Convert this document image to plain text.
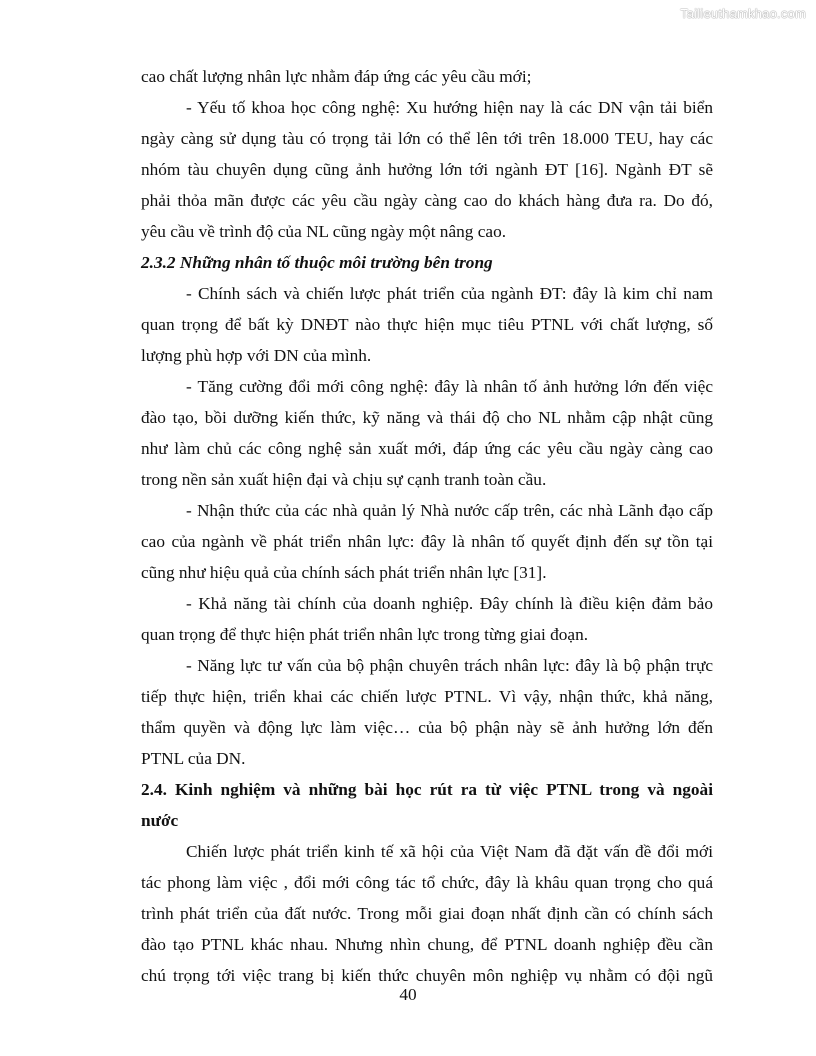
Tailieuthamkhao.com
cao chất lượng nhân lực nhằm đáp ứng các yêu cầu mới;
- Yếu tố khoa học công nghệ: Xu hướng hiện nay là các DN vận tải biển
ngày càng sử dụng tàu có trọng tải lớn có thể lên tới trên 18.000 TEU, hay các
nhóm tàu chuyên dụng cũng ảnh hưởng lớn tới ngành ĐT [16]. Ngành ĐT sẽ
phải thỏa mãn được các yêu cầu ngày càng cao do khách hàng đưa ra. Do đó,
yêu cầu về trình độ của NL cũng ngày một nâng cao.
2.3.2 Những nhân tố thuộc môi trường bên trong
- Chính sách và chiến lược phát triển của ngành ĐT: đây là kim chỉ nam
quan trọng để bất kỳ DNĐT nào thực hiện mục tiêu PTNL với chất lượng, số
lượng phù hợp với DN của mình.
- Tăng cường đổi mới công nghệ: đây là nhân tố ảnh hưởng lớn đến việc
đào tạo, bồi dưỡng kiến thức, kỹ năng và thái độ cho NL nhằm cập nhật cũng
như làm chủ các công nghệ sản xuất mới, đáp ứng các yêu cầu ngày càng cao
trong nền sản xuất hiện đại và chịu sự cạnh tranh toàn cầu.
- Nhận thức của các nhà quản lý Nhà nước cấp trên, các nhà Lãnh đạo cấp
cao của ngành về phát triển nhân lực: đây là nhân tố quyết định đến sự tồn tại
cũng như hiệu quả của chính sách phát triển nhân lực [31].
- Khả năng tài chính của doanh nghiệp. Đây chính là điều kiện đảm bảo
quan trọng để thực hiện phát triển nhân lực trong từng giai đoạn.
- Năng lực tư vấn của bộ phận chuyên trách nhân lực: đây là bộ phận trực
tiếp thực hiện, triển khai các chiến lược PTNL. Vì vậy, nhận thức, khả năng,
thẩm quyền và động lực làm việc… của bộ phận này sẽ ảnh hưởng lớn đến
PTNL của DN.
2.4. Kinh nghiệm và những bài học rút ra từ việc PTNL trong và ngoài
nước
Chiến lược phát triển kinh tế xã hội của Việt Nam đã đặt vấn đề đổi mới
tác phong làm việc , đổi mới công tác tổ chức, đây là khâu quan trọng cho quá
trình phát triển của đất nước. Trong mỗi giai đoạn nhất định cần có chính sách
đào tạo PTNL khác nhau. Nhưng nhìn chung, để PTNL doanh nghiệp đều cần
chú trọng tới việc trang bị kiến thức chuyên môn nghiệp vụ nhằm có đội ngũ
40
